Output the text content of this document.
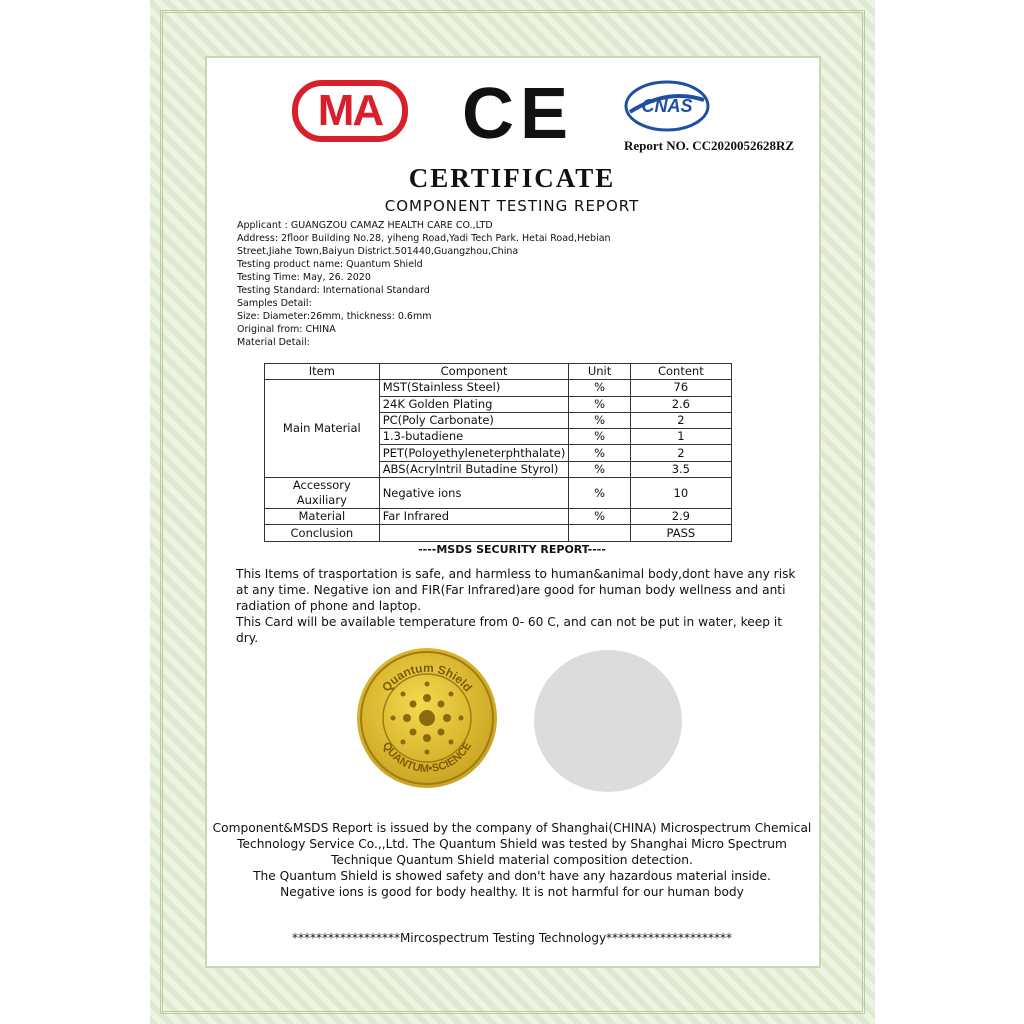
MA	CE	CNAS
Report NO. CC2020052628RZ
CERTIFICATE
COMPONENT TESTING REPORT
Applicant : GUANGZOU CAMAZ HEALTH CARE CO.,LTD
Address: 2floor Building No.28, yiheng Road,Yadi Tech Park. Hetai Road,Hebian
Street,Jiahe Town,Baiyun District.501440,Guangzhou,China
Testing product name: Quantum Shield
Testing Time: May, 26. 2020
Testing Standard: International Standard
Samples Detail:
Size: Diameter:26mm, thickness: 0.6mm
Original from: CHINA
Material Detail:
Item	Component	Unit	Content
Main Material	MST(Stainless Steel)	%	76
	24K Golden Plating	%	2.6
	PC(Poly Carbonate)	%	2
	1.3-butadiene	%	1
	PET(Poloyethyleneterphthalate)	%	2
	ABS(Acrylntril Butadine Styrol)	%	3.5
Accessory Auxiliary	Negative ions	%	10
Material	Far Infrared	%	2.9
Conclusion			PASS
----MSDS SECURITY REPORT----
This Items of trasportation is safe, and harmless to human&animal body,dont have any risk
at any time. Negative ion and FIR(Far Infrared)are good for human body wellness and anti
radiation of phone and laptop.
This Card will be available temperature from 0- 60 C, and can not be put in water, keep it dry.
Quantum Shield
QUANTUM•SCIENCE
Component&MSDS Report is issued by the company of Shanghai(CHINA) Microspectrum Chemical
Technology Service Co.,,Ltd. The Quantum Shield was tested by Shanghai Micro Spectrum
Technique Quantum Shield material composition detection.
The Quantum Shield is showed safety and don't have any hazardous material inside.
Negative ions is good for body healthy. It is not harmful for our human body
******************Mircospectrum Testing Technology*********************
